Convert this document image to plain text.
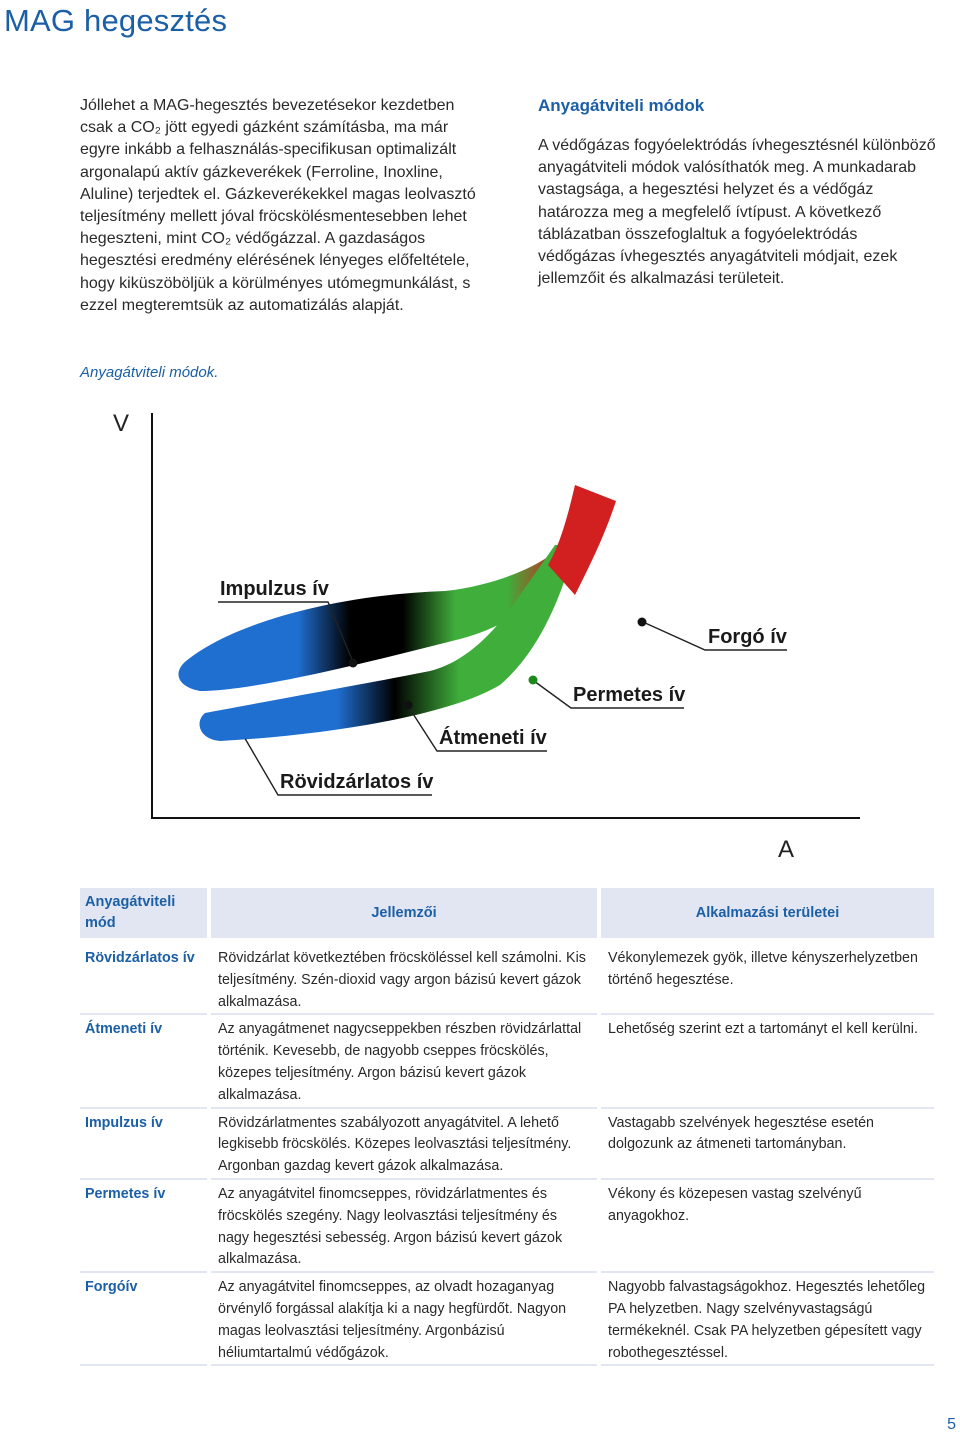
MAG hegesztés

Jóllehet a MAG-hegesztés bevezetésekor kezdetben csak a CO₂ jött egyedi gázként számításba, ma már egyre inkább a felhasználás-specifikusan optimalizált argonalapú aktív gázkeverékek (Ferroline, Inoxline, Aluline) terjedtek el. Gázkeverékekkel magas leolvasztó teljesítmény mellett jóval fröcskölésmentesebben lehet hegeszteni, mint CO₂ védőgázzal. A gazdaságos hegesztési eredmény elérésének lényeges előfeltétele, hogy kiküszöböljük a körülményes utómegmunkálást, s ezzel megteremtsük az automatizálás alapját.

Anyagátviteli módok

A védőgázas fogyóelektródás ívhegesztésnél különböző anyagátviteli módok valósíthatók meg. A munkadarab vastagsága, a hegesztési helyzet és a védőgáz határozza meg a megfelelő ívtípust. A következő táblázatban összefoglaltuk a fogyóelektródás védőgázas ívhegesztés anyagátviteli módjait, ezek jellemzőit és alkalmazási területeit.

Anyagátviteli módok.
V
A
Impulzus ív
Forgó ív
Permetes ív
Átmeneti ív
Rövidzárlatos ív
Anyagátviteli mód	Jellemzői	Alkalmazási területei
Rövidzárlatos ív	Rövidzárlat következtében fröcsköléssel kell számolni. Kis teljesítmény. Szén-dioxid vagy argon bázisú kevert gázok alkalmazása.	Vékonylemezek gyök, illetve kényszerhelyzetben történő hegesztése.
Átmeneti ív	Az anyagátmenet nagycseppekben részben rövidzárlattal történik. Kevesebb, de nagyobb cseppes fröcskölés, közepes teljesítmény. Argon bázisú kevert gázok alkalmazása.	Lehetőség szerint ezt a tartományt el kell kerülni.
Impulzus ív	Rövidzárlatmentes szabályozott anyagátvitel. A lehető legkisebb fröcskölés. Közepes leolvasztási teljesítmény. Argonban gazdag kevert gázok alkalmazása.	Vastagabb szelvények hegesztése esetén dolgozunk az átmeneti tartományban.
Permetes ív	Az anyagátvitel finomcseppes, rövidzárlatmentes és fröcskölés szegény. Nagy leolvasztási teljesítmény és nagy hegesztési sebesség. Argon bázisú kevert gázok alkalmazása.	Vékony és közepesen vastag szelvényű anyagokhoz.
Forgóív	Az anyagátvitel finomcseppes, az olvadt hozaganyag örvénylő forgással alakítja ki a nagy hegfürdőt. Nagyon magas leolvasztási teljesítmény. Argonbázisú héliumtartalmú védőgázok.	Nagyobb falvastagságokhoz. Hegesztés lehetőleg PA helyzetben. Nagy szelvényvastagságú termékeknél. Csak PA helyzetben gépesített vagy robothegesztéssel.
5
